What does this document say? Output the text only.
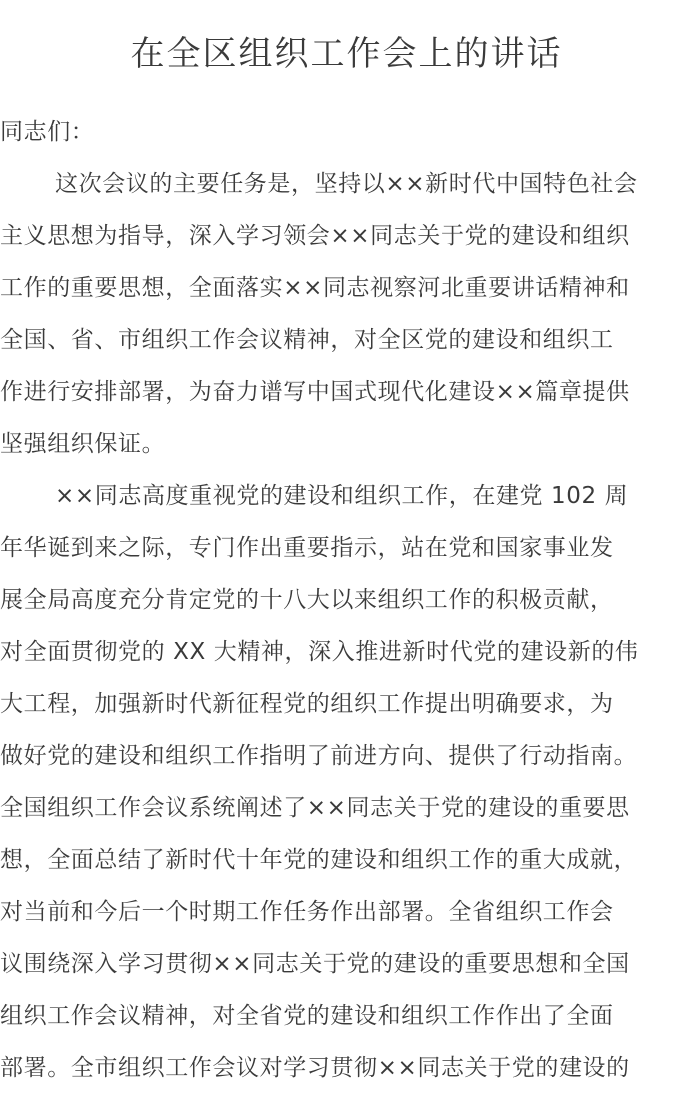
在全区组织工作会上的讲话
同志们：
这次会议的主要任务是，坚持以××新时代中国特色社会
主义思想为指导，深入学习领会××同志关于党的建设和组织
工作的重要思想，全面落实××同志视察河北重要讲话精神和
全国、省、市组织工作会议精神，对全区党的建设和组织工
作进行安排部署，为奋力谱写中国式现代化建设××篇章提供
坚强组织保证。
××同志高度重视党的建设和组织工作，在建党 102 周
年华诞到来之际，专门作出重要指示，站在党和国家事业发
展全局高度充分肯定党的十八大以来组织工作的积极贡献，
对全面贯彻党的 XX 大精神，深入推进新时代党的建设新的伟
大工程，加强新时代新征程党的组织工作提出明确要求，为
做好党的建设和组织工作指明了前进方向、提供了行动指南。
全国组织工作会议系统阐述了××同志关于党的建设的重要思
想，全面总结了新时代十年党的建设和组织工作的重大成就，
对当前和今后一个时期工作任务作出部署。全省组织工作会
议围绕深入学习贯彻××同志关于党的建设的重要思想和全国
组织工作会议精神，对全省党的建设和组织工作作出了全面
部署。全市组织工作会议对学习贯彻××同志关于党的建设的
